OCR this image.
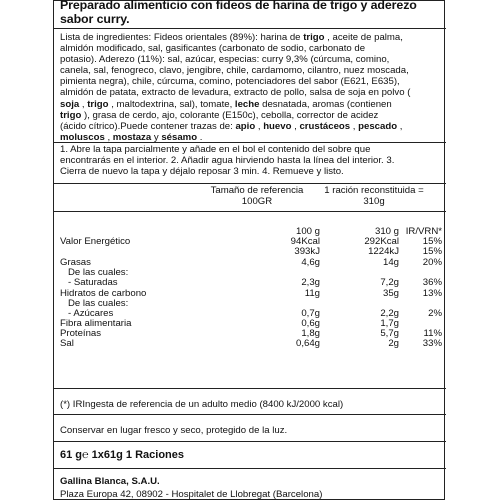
Preparado alimenticio con fideos de harina de trigo y aderezo
sabor curry.
Lista de ingredientes: Fideos orientales (89%): harina de trigo , aceite de palma,
almidón modificado, sal, gasificantes (carbonato de sodio, carbonato de
potasio). Aderezo (11%): sal, azúcar, especias: curry 9,3% (cúrcuma, comino,
canela, sal, fenogreco, clavo, jengibre, chile, cardamomo, cilantro, nuez moscada,
pimienta negra), chile, cúrcuma, comino, potenciadores del sabor (E621, E635),
almidón de patata, extracto de levadura, extracto de pollo, salsa de soja en polvo (
soja , trigo , maltodextrina, sal), tomate, leche desnatada, aromas (contienen
trigo ), grasa de cerdo, ajo, colorante (E150c), cebolla, corrector de acidez
(ácido cítrico).Puede contener trazas de: apio , huevo , crustáceos , pescado ,
moluscos , mostaza y sésamo .
1. Abre la tapa parcialmente y añade en el bol el contenido del sobre que
encontrarás en el interior. 2. Añadir agua hirviendo hasta la línea del interior. 3.
Cierra de nuevo la tapa y déjalo reposar 3 min. 4. Remueve y listo.
Tamaño de referencia
100GR
1 ración reconstituida =
310g
100 g	310 g IR/VRN*
Valor Energético	94Kcal	292Kcal 15%
393kJ	1224kJ 15%
Grasas	4,6g	14g 20%
De las cuales:
- Saturadas	2,3g	7,2g 36%
Hidratos de carbono	11g	35g 13%
De las cuales:
- Azúcares	0,7g	2,2g	2%
Fibra alimentaria	0,6g	1,7g
Proteínas	1,8g	5,7g	11%
Sal	0,64g	2g 33%
(*) IRIngesta de referencia de un adulto medio (8400 kJ/2000 kcal)
Conservar en lugar fresco y seco, protegido de la luz.
61 g℮ 1x61g 1 Raciones
Gallina Blanca, S.A.U.
Plaza Europa 42, 08902 - Hospitalet de Llobregat (Barcelona)
